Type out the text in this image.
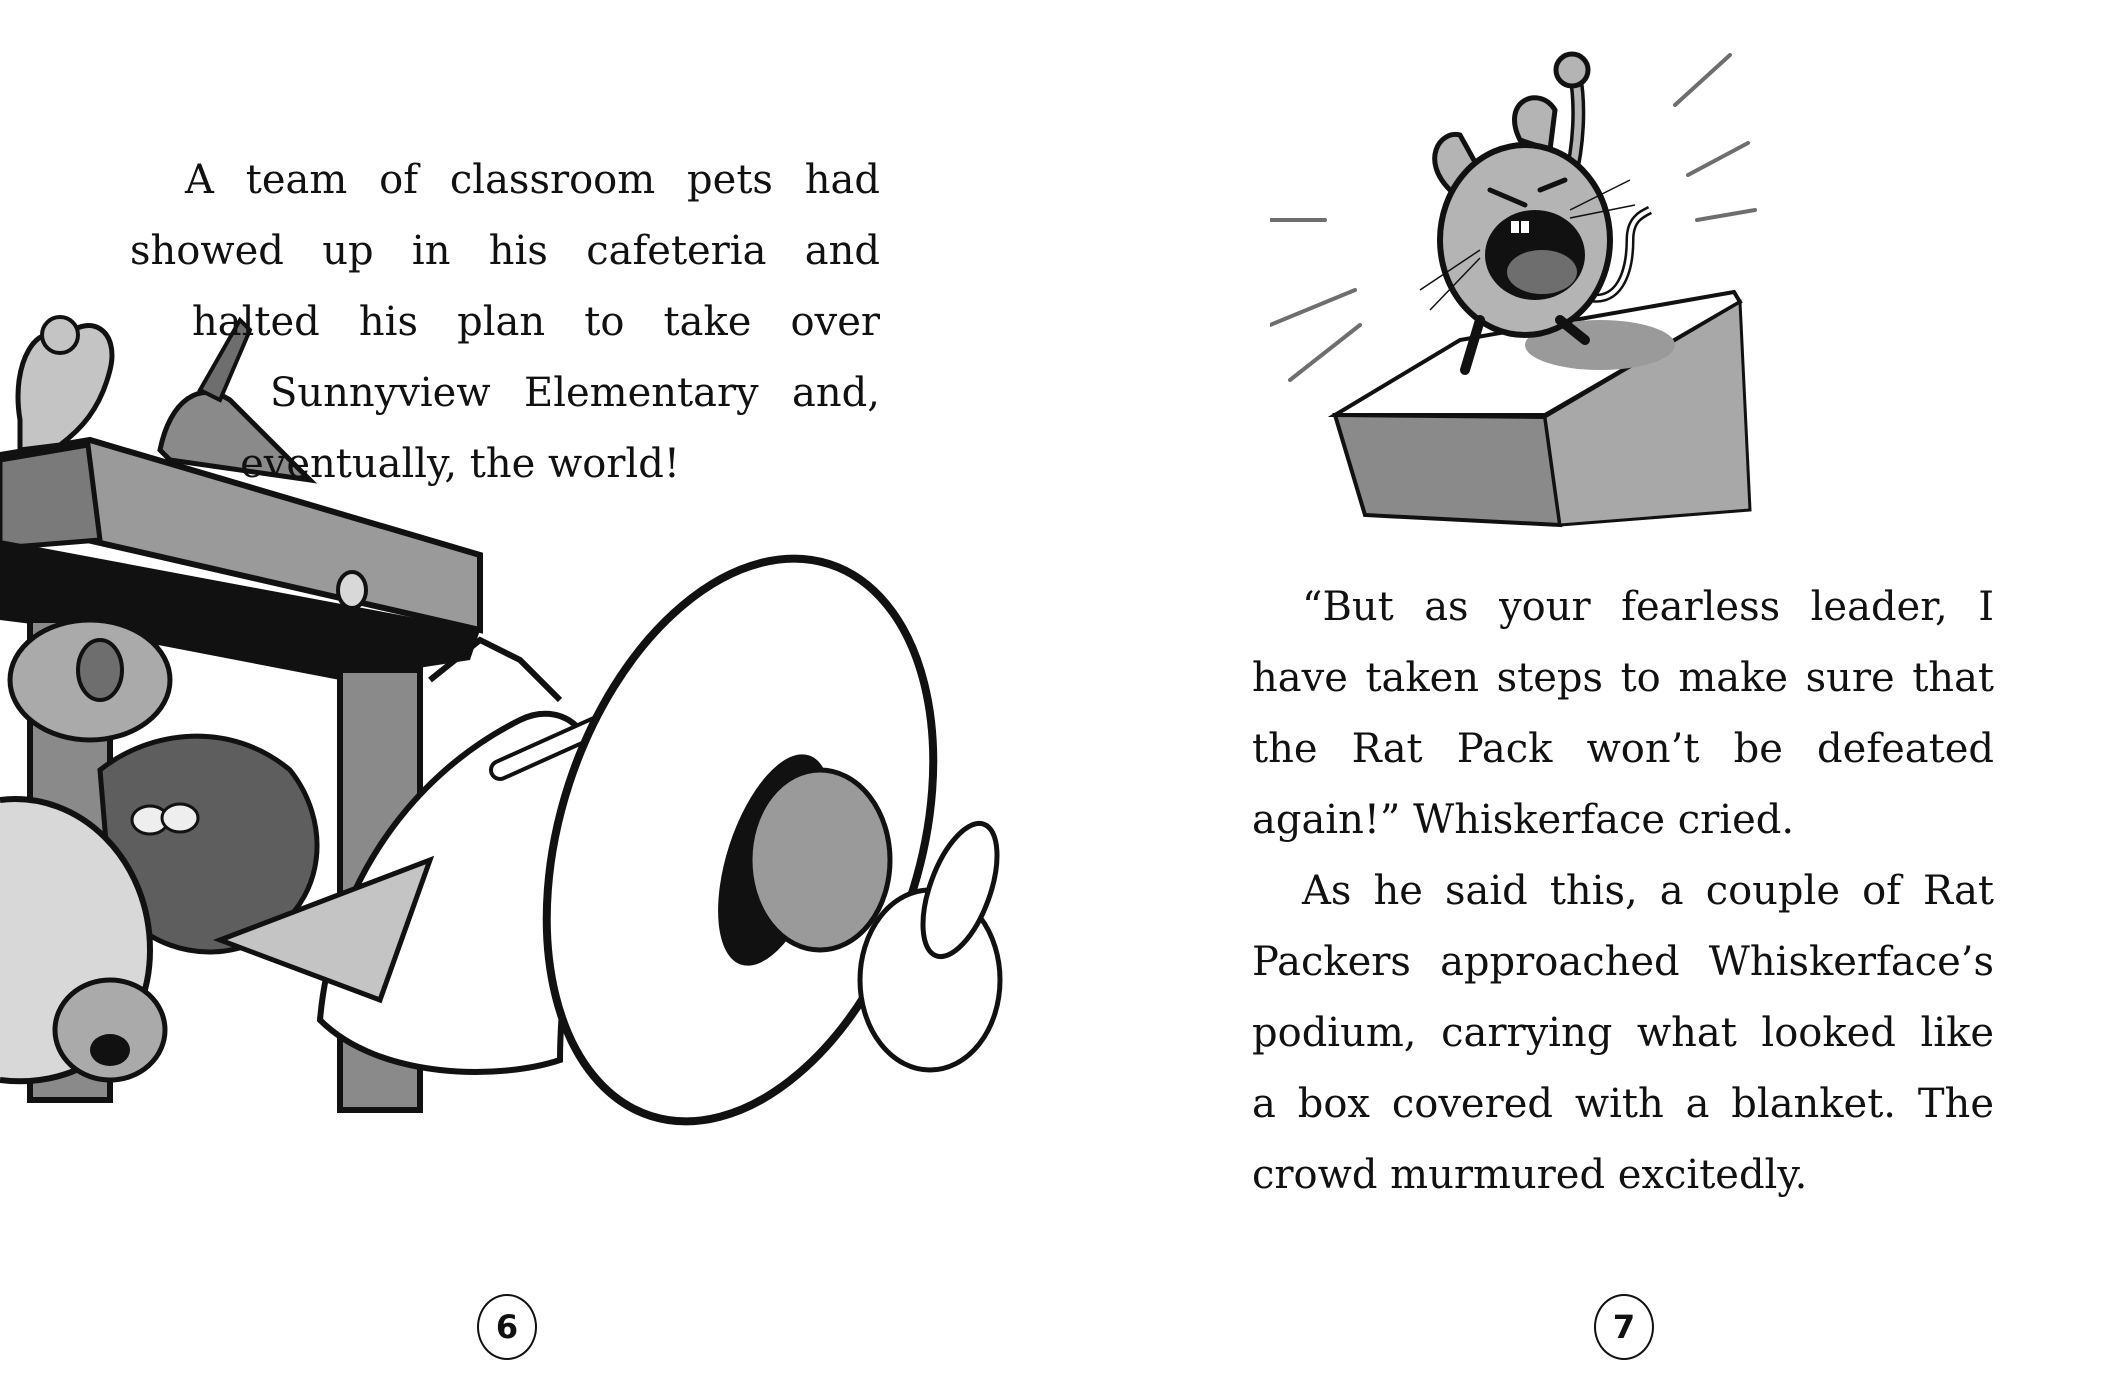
A team of classroom pets had
showed up in his cafeteria and
halted his plan to take over
Sunnyview Elementary and,
eventually, the world!
6
“But as your fearless leader, I
have taken steps to make sure that
the Rat Pack won’t be defeated
again!” Whiskerface cried.
As he said this, a couple of Rat
Packers approached Whiskerface’s
podium, carrying what looked like
a box covered with a blanket. The
crowd murmured excitedly.
7
